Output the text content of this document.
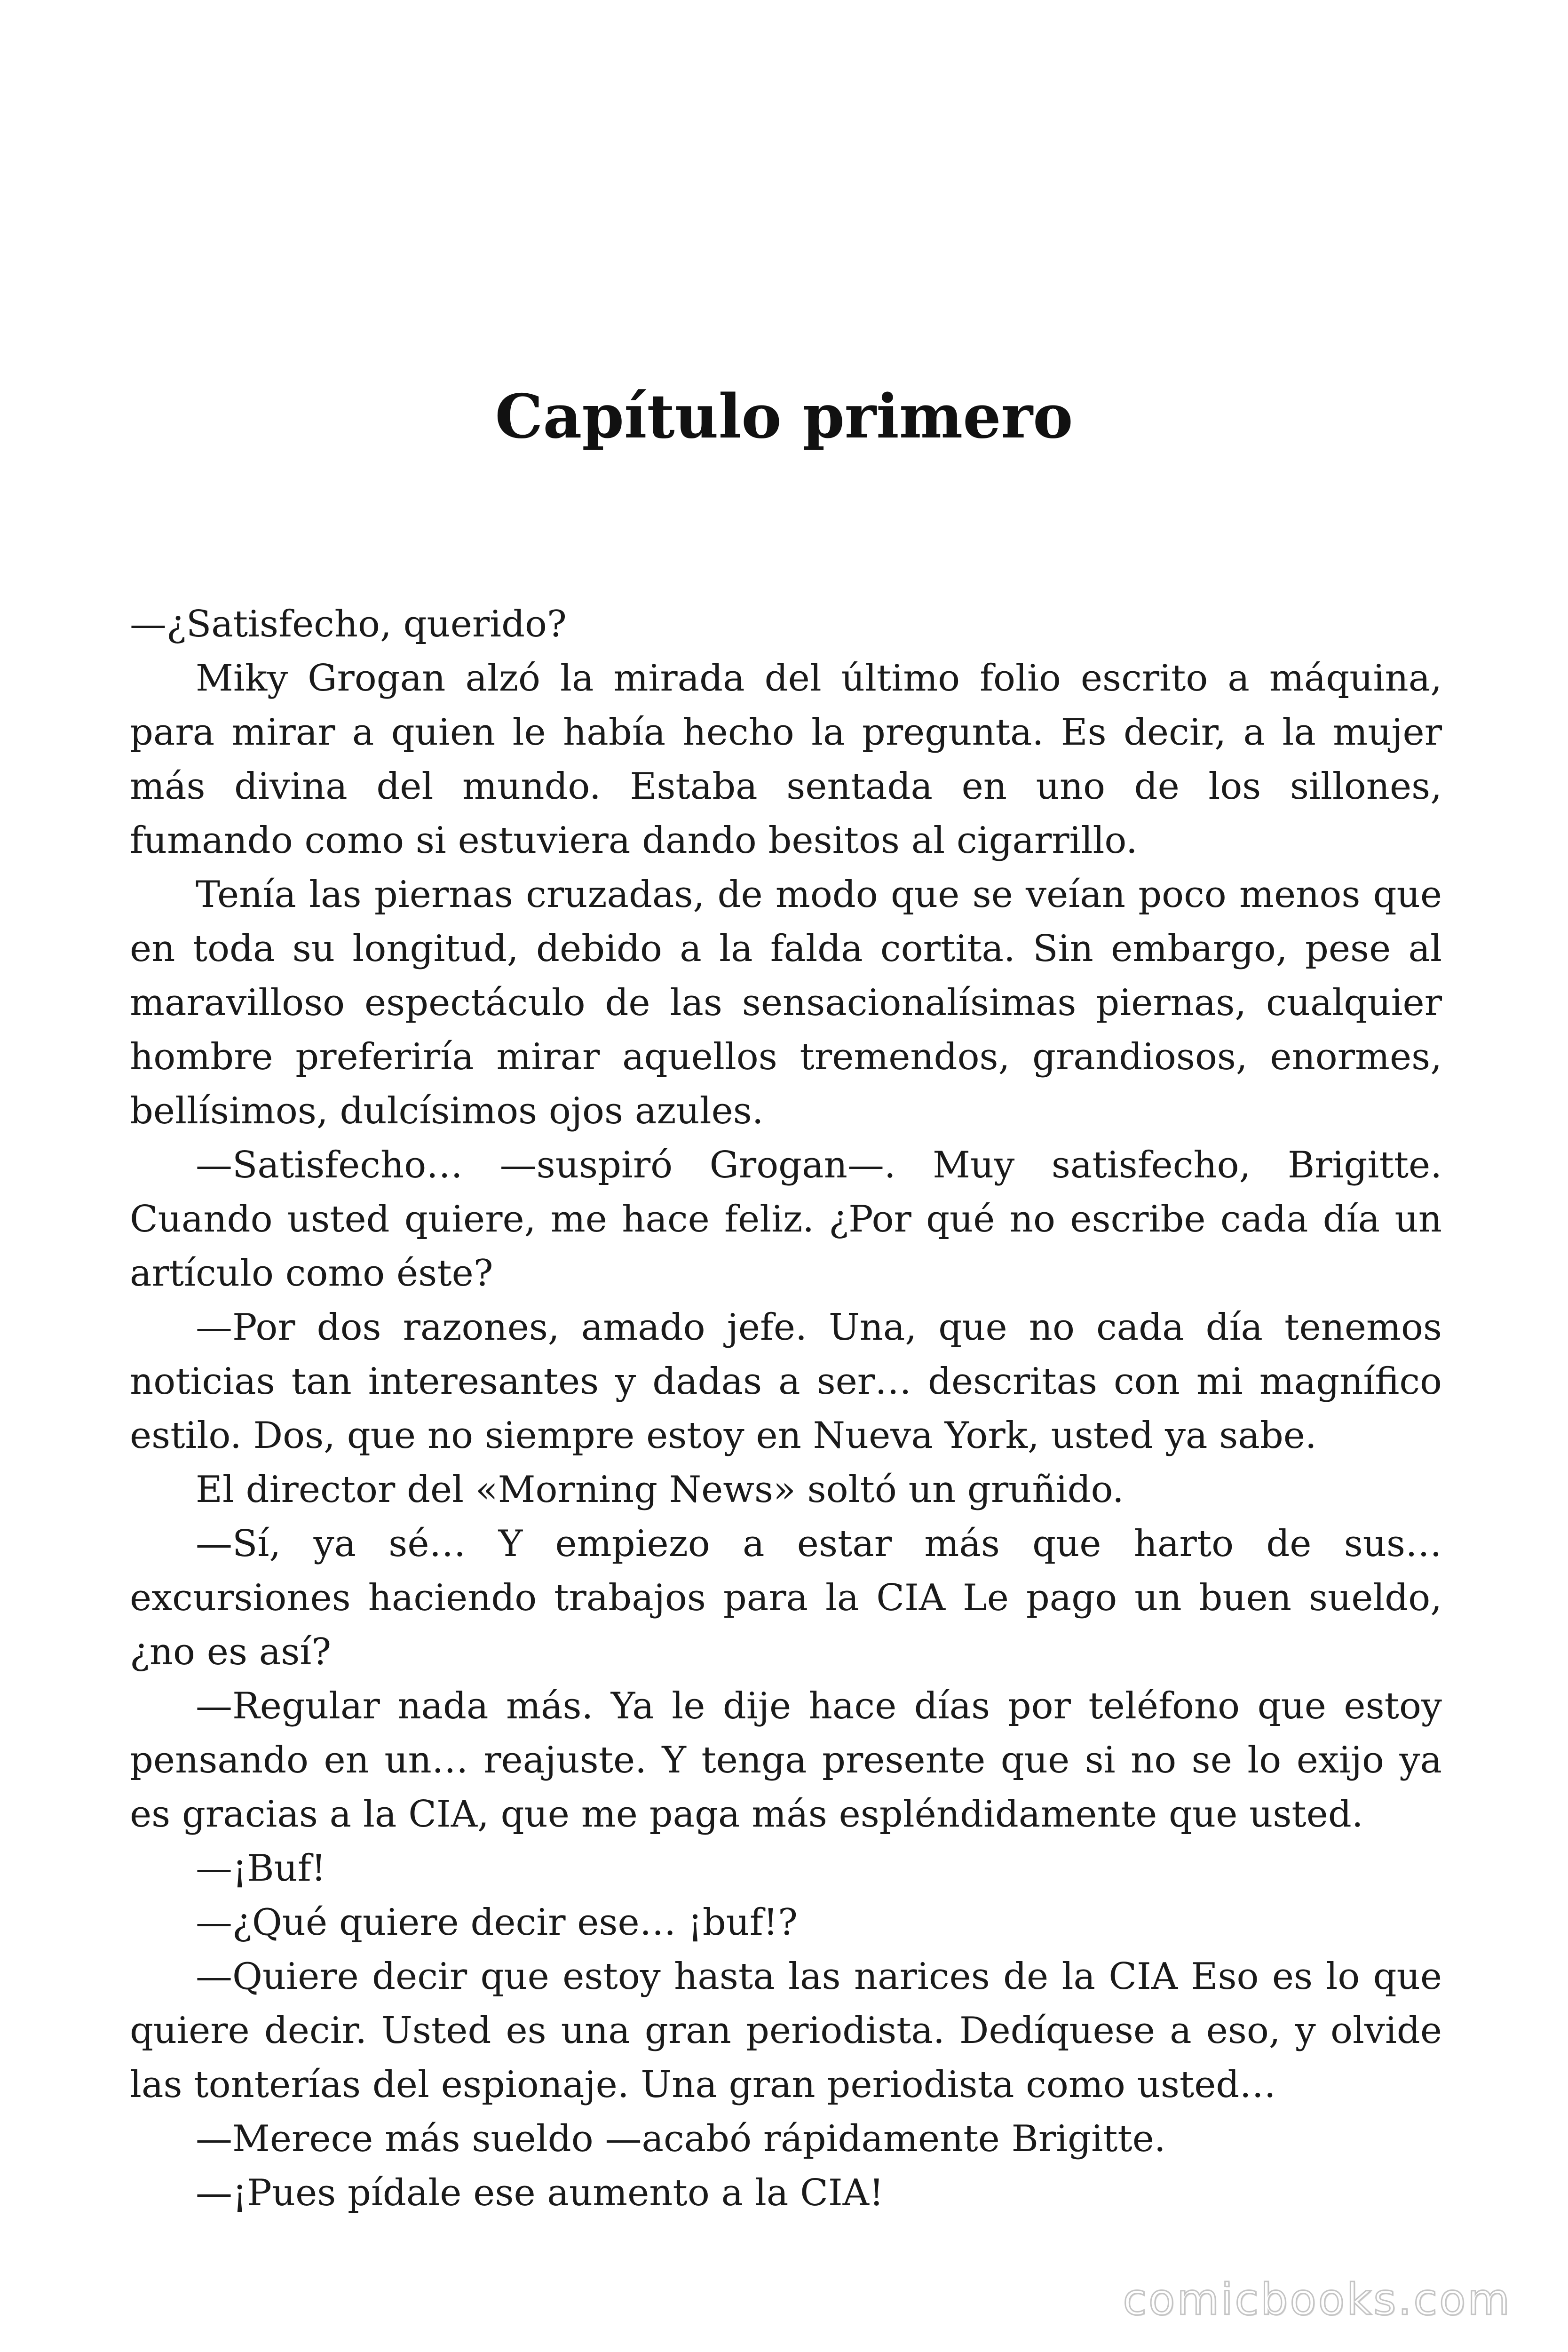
Capítulo primero

—¿Satisfecho, querido?

Miky Grogan alzó la mirada del último folio escrito a máquina, para mirar a quien le había hecho la pregunta. Es decir, a la mujer más divina del mundo. Estaba sentada en uno de los sillones, fumando como si estuviera dando besitos al cigarrillo.

Tenía las piernas cruzadas, de modo que se veían poco menos que en toda su longitud, debido a la falda cortita. Sin embargo, pese al maravilloso espectáculo de las sensacionalísimas piernas, cualquier hombre preferiría mirar aquellos tremendos, grandiosos, enormes, bellísimos, dulcísimos ojos azules.

—Satisfecho… —suspiró Grogan—. Muy satisfecho, Brigitte. Cuando usted quiere, me hace feliz. ¿Por qué no escribe cada día un artículo como éste?

—Por dos razones, amado jefe. Una, que no cada día tenemos noticias tan interesantes y dadas a ser… descritas con mi magnífico estilo. Dos, que no siempre estoy en Nueva York, usted ya sabe.

El director del «Morning News» soltó un gruñido.

—Sí, ya sé… Y empiezo a estar más que harto de sus… excursiones haciendo trabajos para la CIA Le pago un buen sueldo, ¿no es así?

—Regular nada más. Ya le dije hace días por teléfono que estoy pensando en un… reajuste. Y tenga presente que si no se lo exijo ya es gracias a la CIA, que me paga más espléndidamente que usted.

—¡Buf!

—¿Qué quiere decir ese… ¡buf!?

—Quiere decir que estoy hasta las narices de la CIA Eso es lo que quiere decir. Usted es una gran periodista. Dedíquese a eso, y olvide las tonterías del espionaje. Una gran periodista como usted…

—Merece más sueldo —acabó rápidamente Brigitte.

—¡Pues pídale ese aumento a la CIA!

comicbooks.com
